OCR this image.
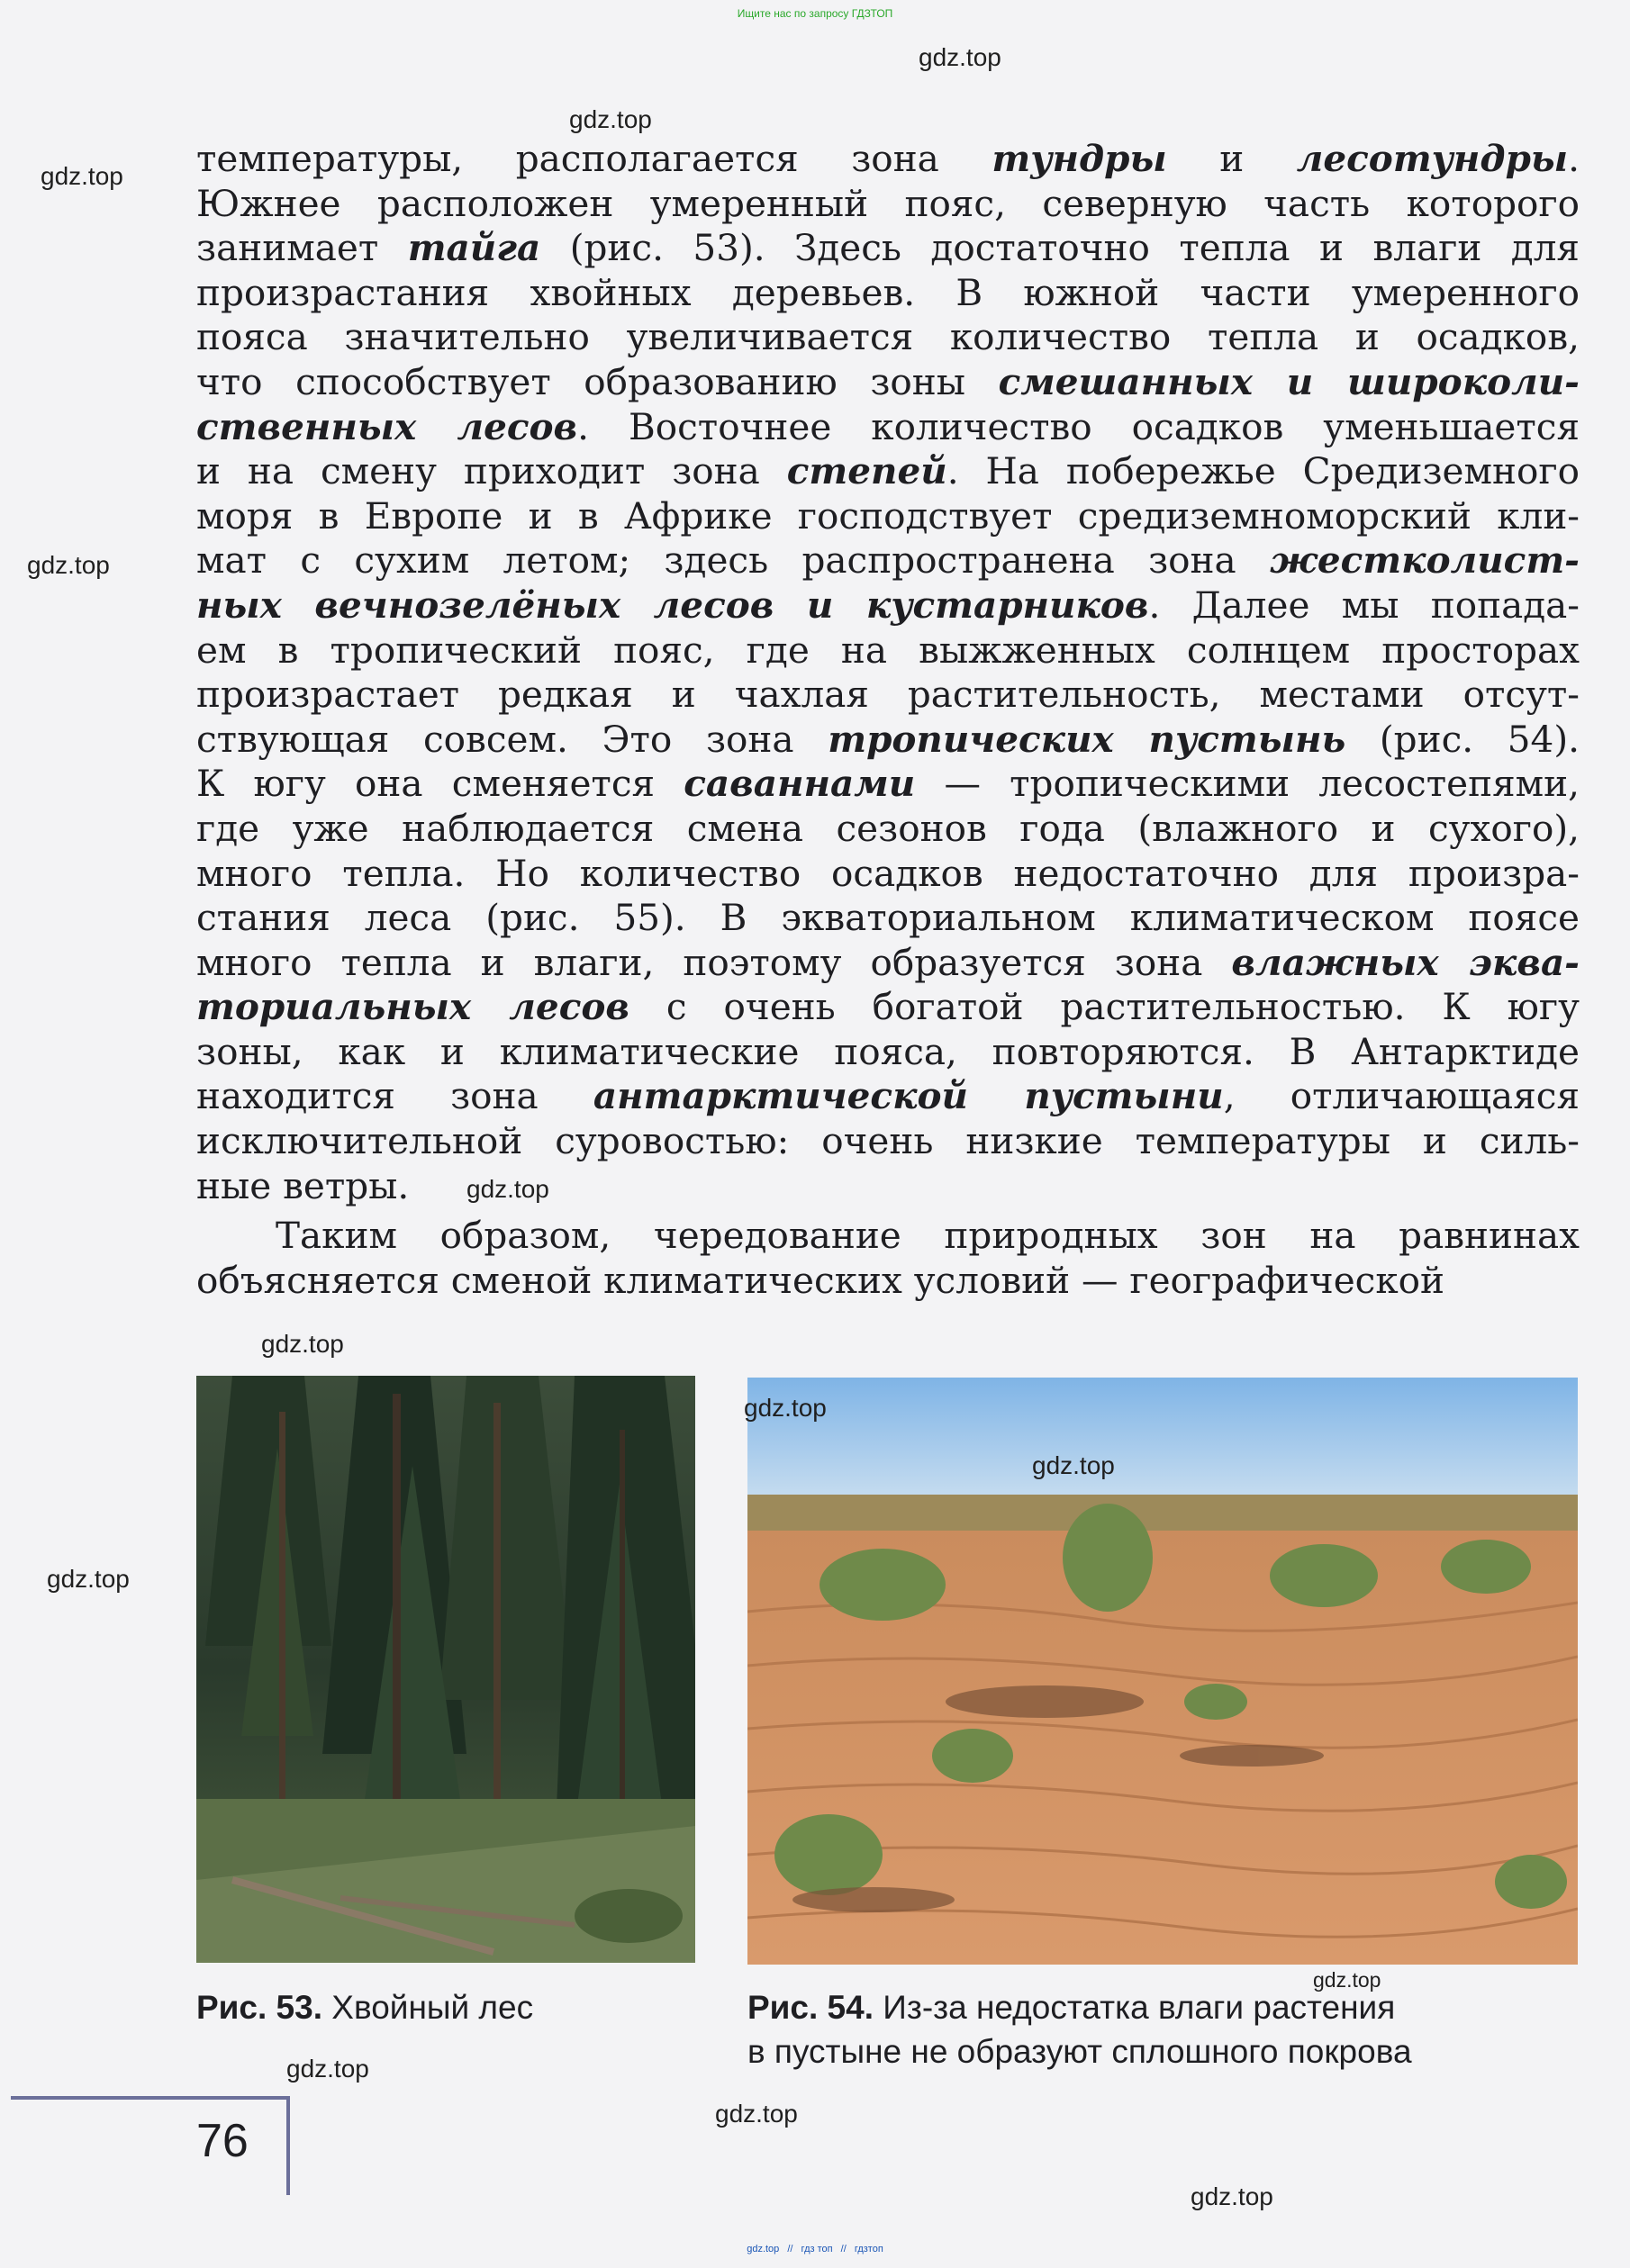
Ищите нас по запросу ГДЗТОП
температуры, располагается зона тундры и лесотундры.
Южнее расположен умеренный пояс, северную часть которого
занимает тайга (рис. 53). Здесь достаточно тепла и влаги для
произрастания хвойных деревьев. В южной части умеренного
пояса значительно увеличивается количество тепла и осадков,
что способствует образованию зоны смешанных и широколи-
ственных лесов. Восточнее количество осадков уменьшается
и на смену приходит зона степей. На побережье Средиземного
моря в Европе и в Африке господствует средиземноморский кли-
мат с сухим летом; здесь распространена зона жестколист-
ных вечнозелёных лесов и кустарников. Далее мы попада-
ем в тропический пояс, где на выжженных солнцем просторах
произрастает редкая и чахлая растительность, местами отсут-
ствующая совсем. Это зона тропических пустынь (рис. 54).
К югу она сменяется саваннами — тропическими лесостепями,
где уже наблюдается смена сезонов года (влажного и сухого),
много тепла. Но количество осадков недостаточно для произра-
стания леса (рис. 55). В экваториальном климатическом поясе
много тепла и влаги, поэтому образуется зона влажных эква-
ториальных лесов с очень богатой растительностью. К югу
зоны, как и климатические пояса, повторяются. В Антарктиде
находится зона антарктической пустыни, отличающаяся
исключительной суровостью: очень низкие температуры и силь-
ные ветры.
Таким образом, чередование природных зон на равнинах
объясняется сменой климатических условий — географической
Рис. 53. Хвойный лес	Рис. 54. Из-за недостатка влаги растения
в пустыне не образуют сплошного покрова
76
gdz.top
gdz.top
gdz.top
gdz.top
gdz.top
gdz.top
gdz.top
gdz.top
gdz.top
gdz.top
gdz.top
gdz.top
gdz.top
gdz.top // гдз топ // гдзтоп
